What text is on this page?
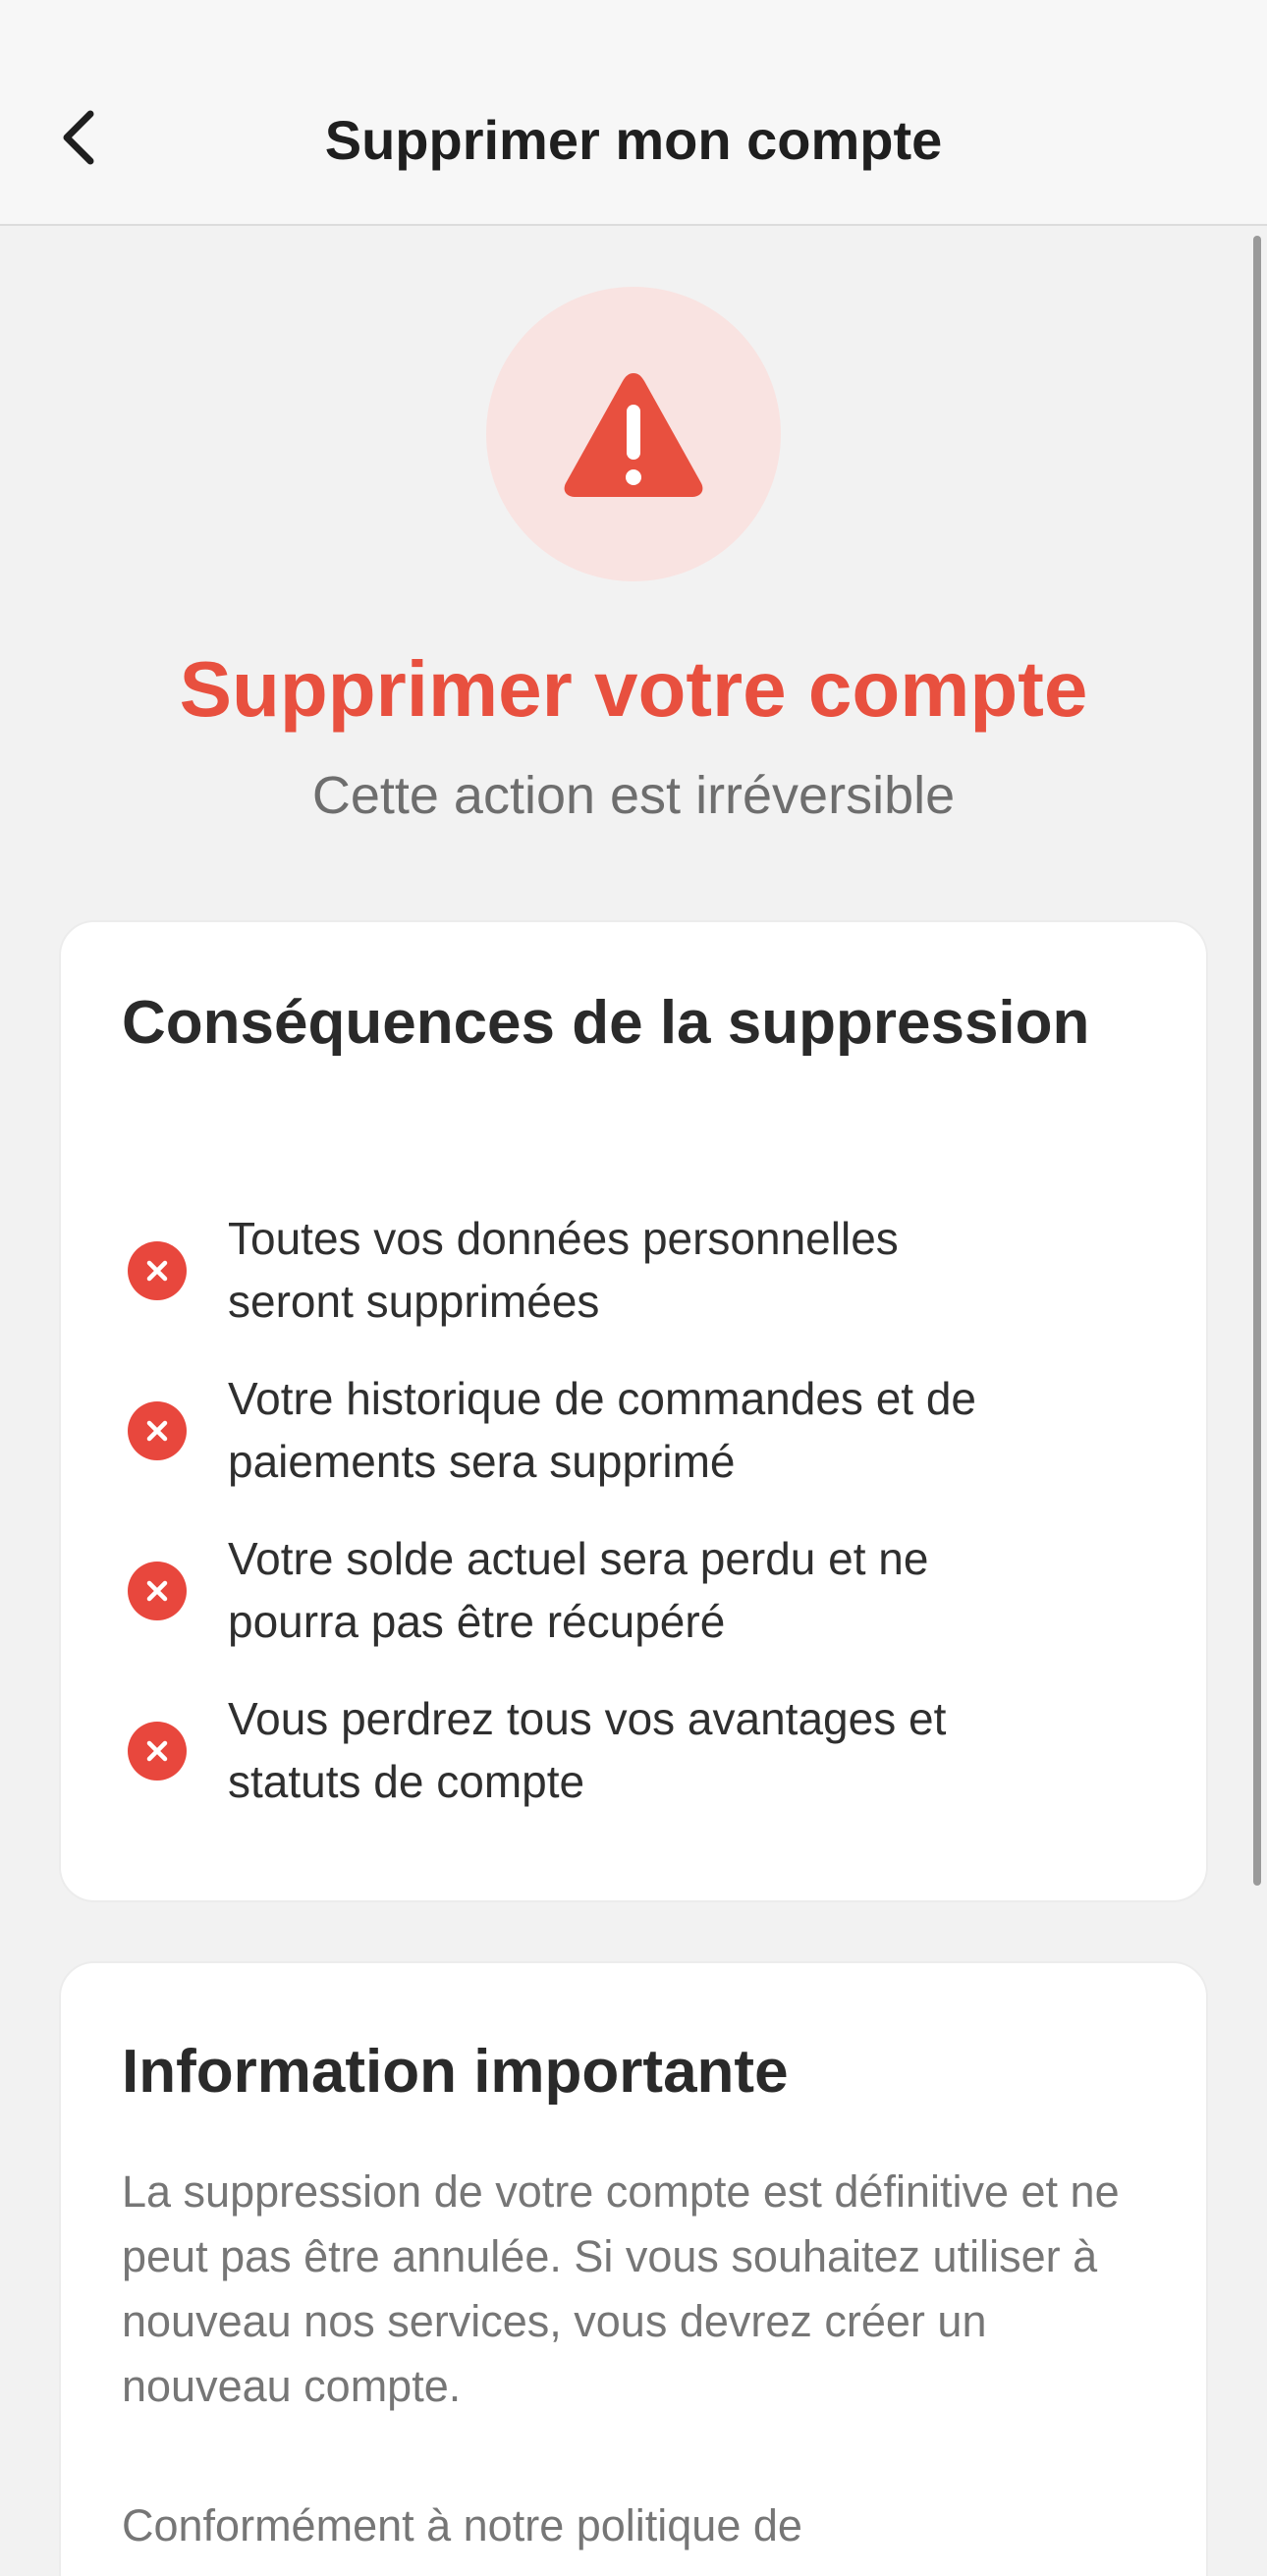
Supprimer mon compte
Supprimer votre compte
Cette action est irréversible
Conséquences de la suppression
Toutes vos données personnelles
seront supprimées
Votre historique de commandes et de
paiements sera supprimé
Votre solde actuel sera perdu et ne
pourra pas être récupéré
Vous perdrez tous vos avantages et
statuts de compte
Information importante
La suppression de votre compte est définitive et ne peut pas être annulée. Si vous souhaitez utiliser à nouveau nos services, vous devrez créer un nouveau compte.
Conformément à notre politique de
